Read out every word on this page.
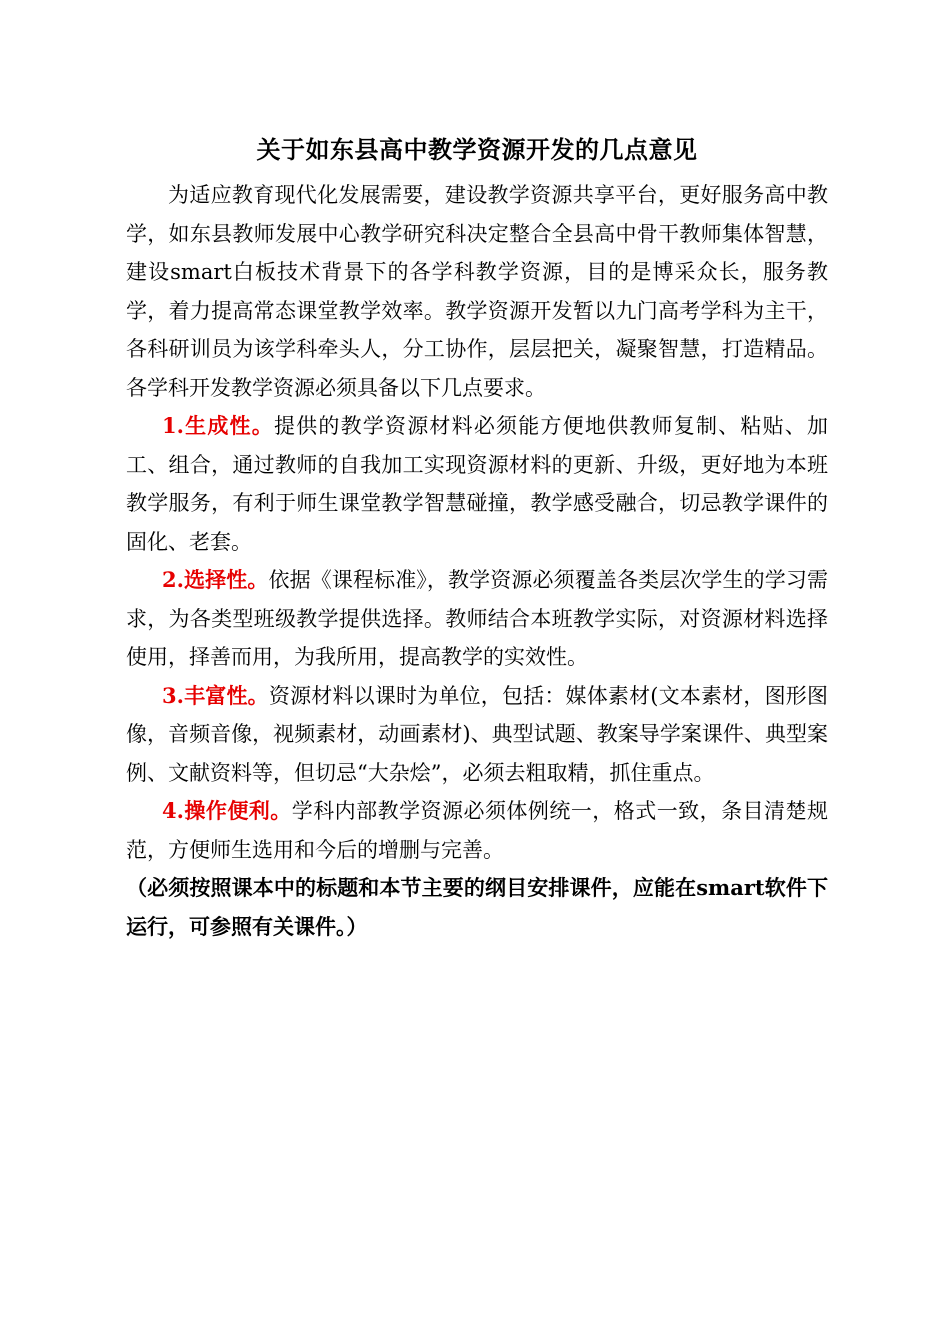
关于如东县高中教学资源开发的几点意见

为适应教育现代化发展需要，建设教学资源共享平台，更好服务高中教学，如东县教师发展中心教学研究科决定整合全县高中骨干教师集体智慧，建设smart白板技术背景下的各学科教学资源，目的是博采众长，服务教学，着力提高常态课堂教学效率。教学资源开发暂以九门高考学科为主干，各科研训员为该学科牵头人，分工协作，层层把关，凝聚智慧，打造精品。各学科开发教学资源必须具备以下几点要求。

1.生成性。提供的教学资源材料必须能方便地供教师复制、粘贴、加工、组合，通过教师的自我加工实现资源材料的更新、升级，更好地为本班教学服务，有利于师生课堂教学智慧碰撞，教学感受融合，切忌教学课件的固化、老套。

2.选择性。依据《课程标准》，教学资源必须覆盖各类层次学生的学习需求，为各类型班级教学提供选择。教师结合本班教学实际，对资源材料选择使用，择善而用，为我所用，提高教学的实效性。

3.丰富性。资源材料以课时为单位，包括：媒体素材(文本素材，图形图像，音频音像，视频素材，动画素材)、典型试题、教案导学案课件、典型案例、文献资料等，但切忌“大杂烩”，必须去粗取精，抓住重点。

4.操作便利。学科内部教学资源必须体例统一，格式一致，条目清楚规范，方便师生选用和今后的增删与完善。

（必须按照课本中的标题和本节主要的纲目安排课件，应能在smart软件下运行，可参照有关课件。）
